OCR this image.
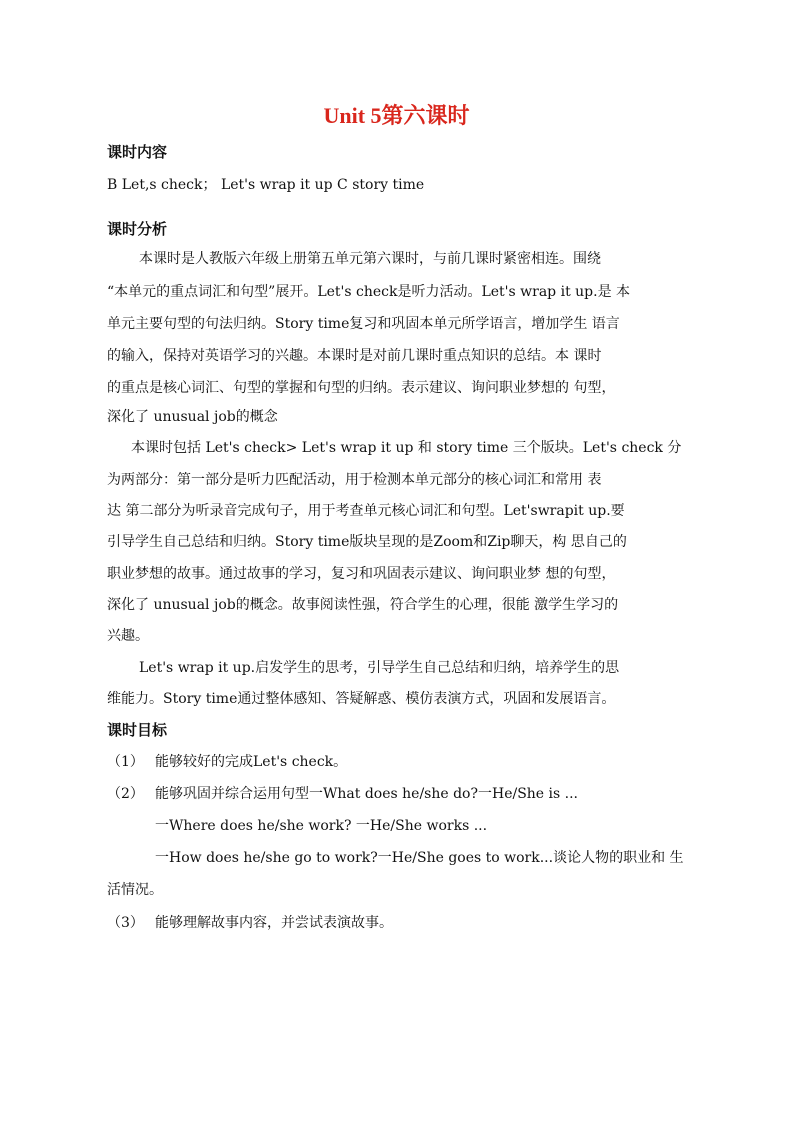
Unit 5第六课时

课时内容

B Let,s check； Let's wrap it up C story time

课时分析

本课时是人教版六年级上册第五单元第六课时，与前几课时紧密相连。围绕

“本单元的重点词汇和句型”展开。Let's check是听力活动。Let's wrap it up.是 本

单元主要句型的句法归纳。Story time复习和巩固本单元所学语言，增加学生 语言

的输入，保持对英语学习的兴趣。本课时是对前几课时重点知识的总结。本 课时

的重点是核心词汇、句型的掌握和句型的归纳。表示建议、询问职业梦想的 句型，

深化了 unusual job的概念

本课时包括 Let's check> Let's wrap it up 和 story time 三个版块。Let's check 分

为两部分：第一部分是听力匹配活动，用于检测本单元部分的核心词汇和常用 表

达 第二部分为听录音完成句子，用于考查单元核心词汇和句型。Let'swrapit up.要

引导学生自己总结和归纳。Story time版块呈现的是Zoom和Zip聊天，构 思自己的

职业梦想的故事。通过故事的学习，复习和巩固表示建议、询问职业梦 想的句型，

深化了 unusual job的概念。故事阅读性强，符合学生的心理，很能 激学生学习的

兴趣。

Let's wrap it up.启发学生的思考，引导学生自己总结和归纳，培养学生的思

维能力。Story time通过整体感知、答疑解惑、模仿表演方式，巩固和发展语言。

课时目标

（1） 能够较好的完成Let's check。

（2） 能够巩固并综合运用句型一What does he/she do?一He/She is ...

一Where does he/she work? 一He/She works ...

一How does he/she go to work?一He/She goes to work...谈论人物的职业和 生

活情况。

（3） 能够理解故事内容，并尝试表演故事。
